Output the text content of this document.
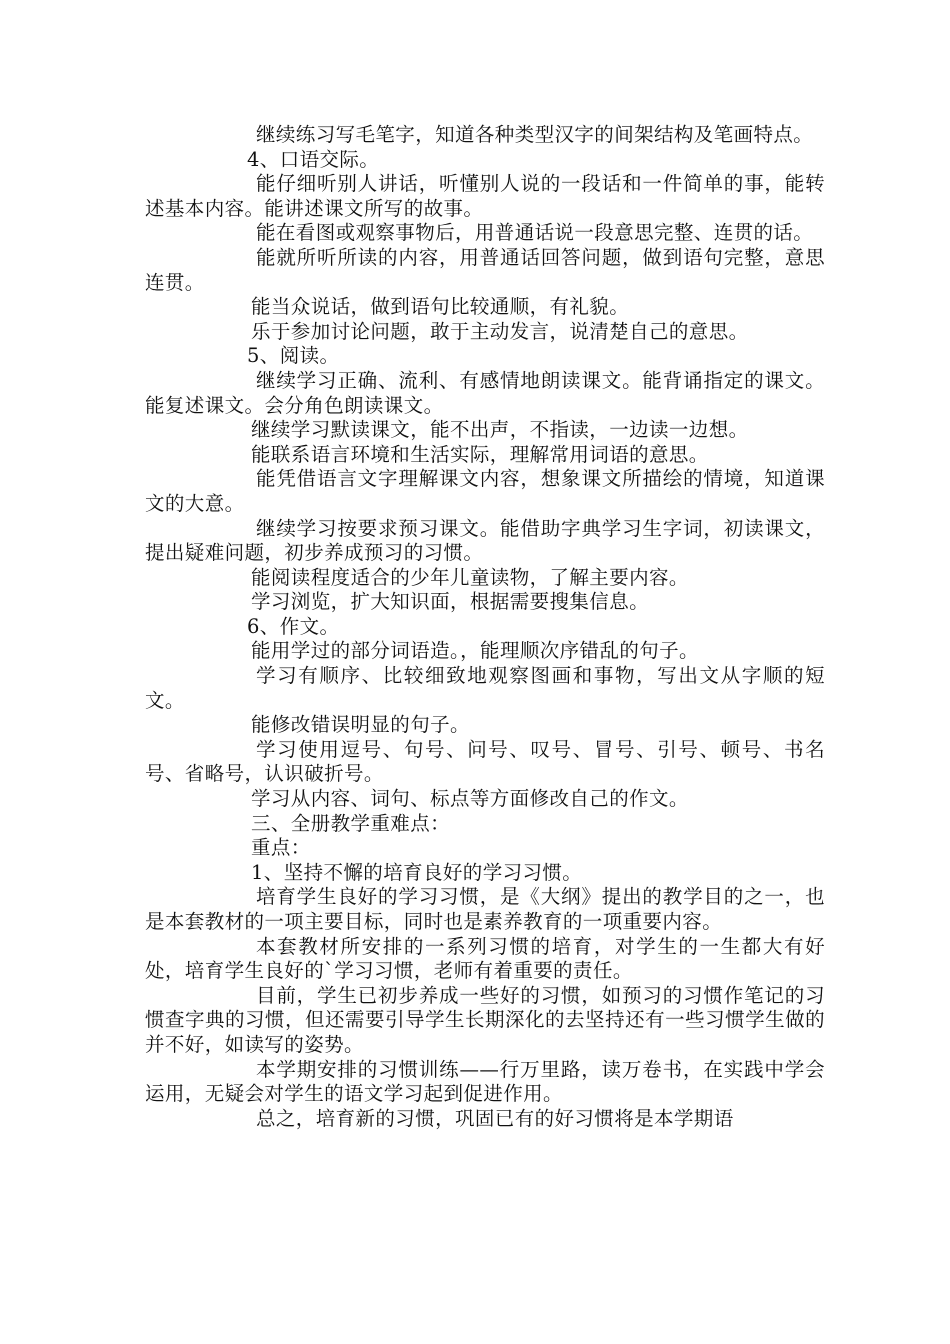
继续练习写毛笔字，知道各种类型汉字的间架结构及笔画特点。

4、口语交际。

能仔细听别人讲话，听懂别人说的一段话和一件简单的事，能转述基本内容。能讲述课文所写的故事。

能在看图或观察事物后，用普通话说一段意思完整、连贯的话。

能就所听所读的内容，用普通话回答问题，做到语句完整，意思连贯。

能当众说话，做到语句比较通顺，有礼貌。

乐于参加讨论问题，敢于主动发言，说清楚自己的意思。

5、阅读。

继续学习正确、流利、有感情地朗读课文。能背诵指定的课文。能复述课文。会分角色朗读课文。

继续学习默读课文，能不出声，不指读，一边读一边想。

能联系语言环境和生活实际，理解常用词语的意思。

能凭借语言文字理解课文内容，想象课文所描绘的情境，知道课文的大意。

继续学习按要求预习课文。能借助字典学习生字词，初读课文，提出疑难问题，初步养成预习的习惯。

能阅读程度适合的少年儿童读物，了解主要内容。

学习浏览，扩大知识面，根据需要搜集信息。

6、作文。

能用学过的部分词语造。，能理顺次序错乱的句子。

学习有顺序、比较细致地观察图画和事物，写出文从字顺的短文。

能修改错误明显的句子。

学习使用逗号、句号、问号、叹号、冒号、引号、顿号、书名号、省略号，认识破折号。

学习从内容、词句、标点等方面修改自己的作文。

三、全册教学重难点：

重点：

1、坚持不懈的培育良好的学习习惯。

培育学生良好的学习习惯，是《大纲》提出的教学目的之一，也是本套教材的一项主要目标，同时也是素养教育的一项重要内容。

本套教材所安排的一系列习惯的培育，对学生的一生都大有好处，培育学生良好的`学习习惯，老师有着重要的责任。

目前，学生已初步养成一些好的习惯，如预习的习惯作笔记的习惯查字典的习惯，但还需要引导学生长期深化的去坚持还有一些习惯学生做的并不好，如读写的姿势。

本学期安排的习惯训练——行万里路，读万卷书，在实践中学会运用，无疑会对学生的语文学习起到促进作用。

总之，培育新的习惯，巩固已有的好习惯将是本学期语
